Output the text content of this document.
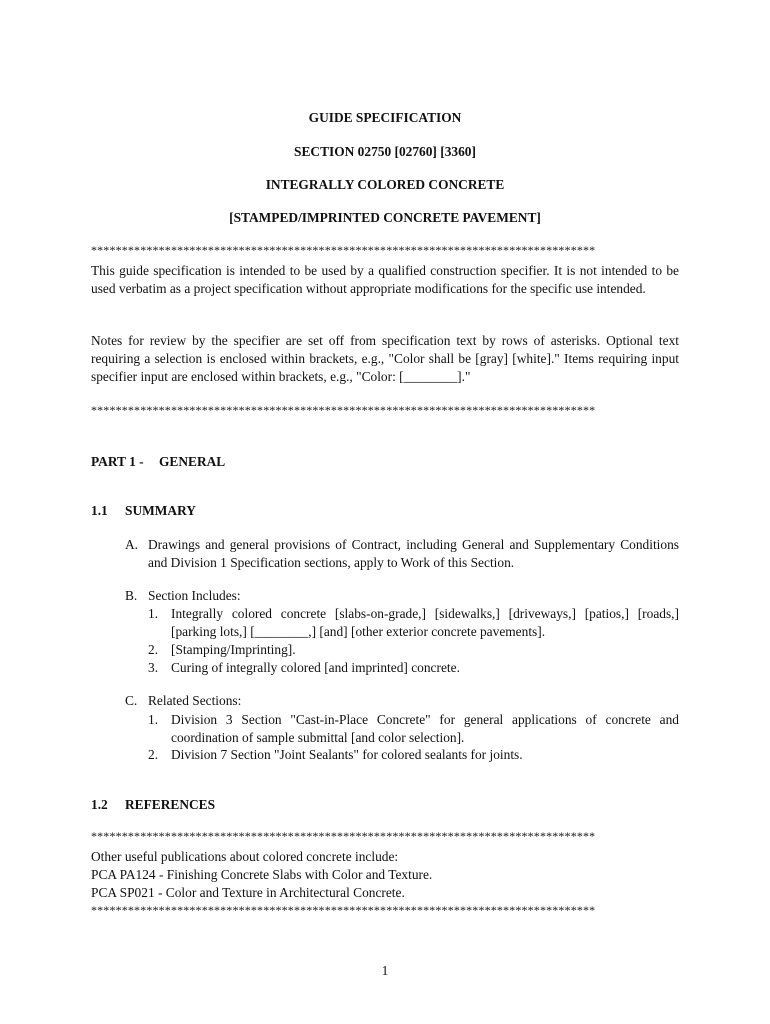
GUIDE SPECIFICATION
SECTION 02750 [02760] [3360]
INTEGRALLY COLORED CONCRETE
[STAMPED/IMPRINTED CONCRETE PAVEMENT]
**********************************************************************************
This guide specification is intended to be used by a qualified construction specifier. It is not intended to be used verbatim as a project specification without appropriate modifications for the specific use intended.
Notes for review by the specifier are set off from specification text by rows of asterisks. Optional text requiring a selection is enclosed within brackets, e.g., "Color shall be [gray] [white]." Items requiring input specifier input are enclosed within brackets, e.g., "Color: [________]."
**********************************************************************************
PART 1 - GENERAL
1.1 SUMMARY
A. Drawings and general provisions of Contract, including General and Supplementary Conditions and Division 1 Specification sections, apply to Work of this Section.
B. Section Includes:
1. Integrally colored concrete [slabs-on-grade,] [sidewalks,] [driveways,] [patios,] [roads,] [parking lots,] [________,] [and] [other exterior concrete pavements].
2. [Stamping/Imprinting].
3. Curing of integrally colored [and imprinted] concrete.
C. Related Sections:
1. Division 3 Section "Cast-in-Place Concrete" for general applications of concrete and coordination of sample submittal [and color selection].
2. Division 7 Section "Joint Sealants" for colored sealants for joints.
1.2 REFERENCES
**********************************************************************************
Other useful publications about colored concrete include:
PCA PA124 - Finishing Concrete Slabs with Color and Texture.
PCA SP021 - Color and Texture in Architectural Concrete.
**********************************************************************************
1
